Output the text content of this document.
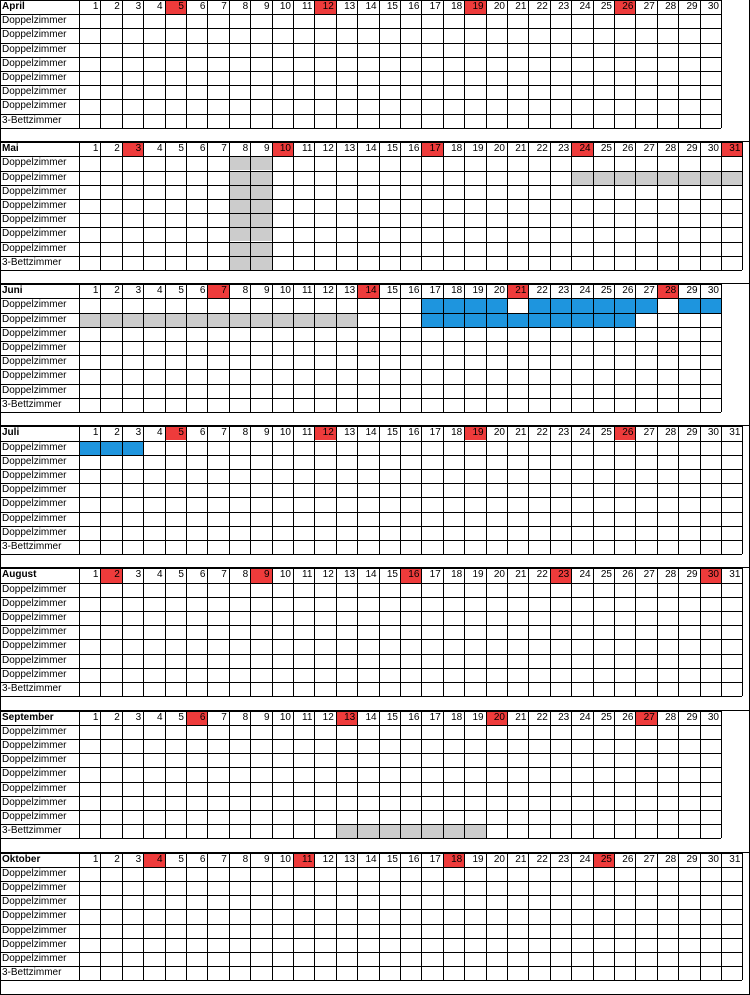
April	1	2	3	4	5	6	7	8	9	10	11	12	13	14	15	16	17	18	19	20	21	22	23	24	25	26	27	28	29	30
Doppelzimmer
Doppelzimmer
Doppelzimmer
Doppelzimmer
Doppelzimmer
Doppelzimmer
Doppelzimmer
3-Bettzimmer
Mai	1	2	3	4	5	6	7	8	9	10	11	12	13	14	15	16	17	18	19	20	21	22	23	24	25	26	27	28	29	30	31
Doppelzimmer
Doppelzimmer
Doppelzimmer
Doppelzimmer
Doppelzimmer
Doppelzimmer
Doppelzimmer
3-Bettzimmer
Juni	1	2	3	4	5	6	7	8	9	10	11	12	13	14	15	16	17	18	19	20	21	22	23	24	25	26	27	28	29	30
Doppelzimmer
Doppelzimmer
Doppelzimmer
Doppelzimmer
Doppelzimmer
Doppelzimmer
Doppelzimmer
3-Bettzimmer
Juli	1	2	3	4	5	6	7	8	9	10	11	12	13	14	15	16	17	18	19	20	21	22	23	24	25	26	27	28	29	30	31
Doppelzimmer
Doppelzimmer
Doppelzimmer
Doppelzimmer
Doppelzimmer
Doppelzimmer
Doppelzimmer
3-Bettzimmer
August	1	2	3	4	5	6	7	8	9	10	11	12	13	14	15	16	17	18	19	20	21	22	23	24	25	26	27	28	29	30	31
Doppelzimmer
Doppelzimmer
Doppelzimmer
Doppelzimmer
Doppelzimmer
Doppelzimmer
Doppelzimmer
3-Bettzimmer
September	1	2	3	4	5	6	7	8	9	10	11	12	13	14	15	16	17	18	19	20	21	22	23	24	25	26	27	28	29	30
Doppelzimmer
Doppelzimmer
Doppelzimmer
Doppelzimmer
Doppelzimmer
Doppelzimmer
Doppelzimmer
3-Bettzimmer
Oktober	1	2	3	4	5	6	7	8	9	10	11	12	13	14	15	16	17	18	19	20	21	22	23	24	25	26	27	28	29	30	31
Doppelzimmer
Doppelzimmer
Doppelzimmer
Doppelzimmer
Doppelzimmer
Doppelzimmer
Doppelzimmer
3-Bettzimmer
